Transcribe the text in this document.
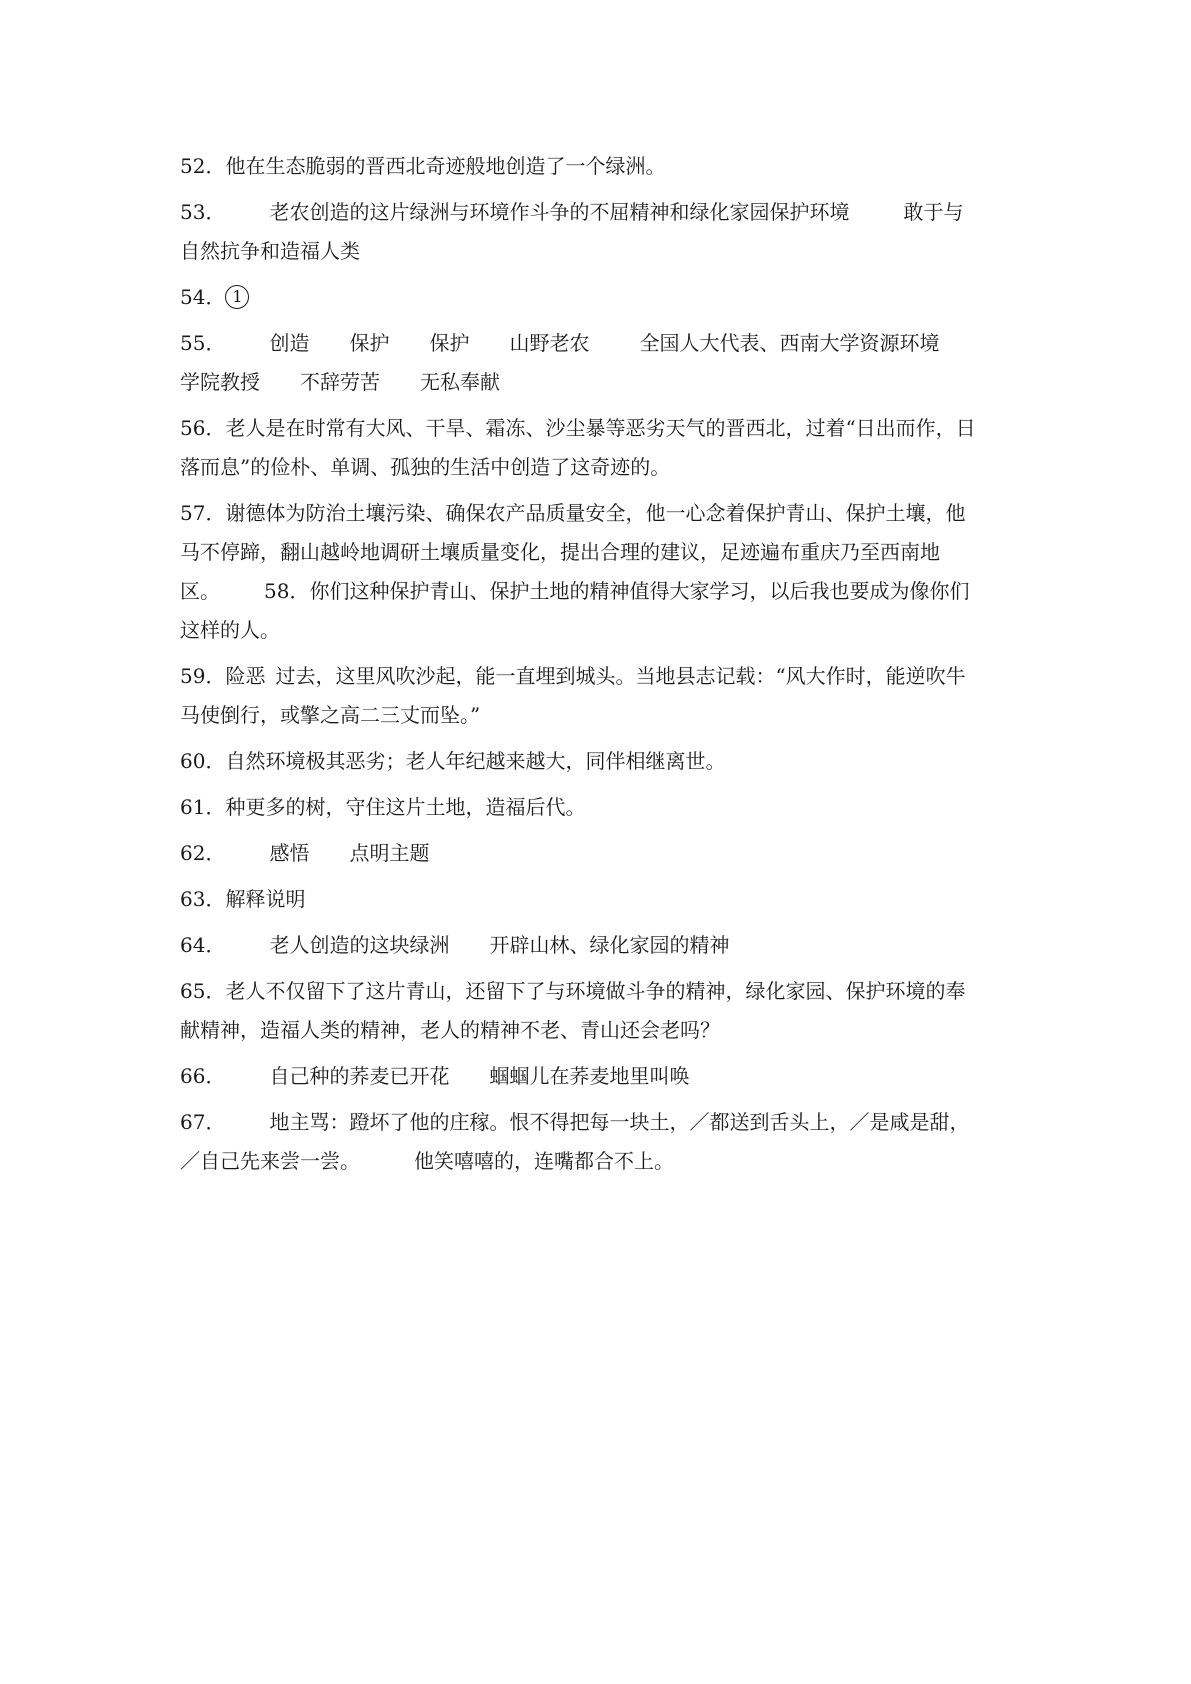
52．他在生态脆弱的晋西北奇迹般地创造了一个绿洲。
53． 老农创造的这片绿洲与环境作斗争的不屈精神和绿化家园保护环境	敢于与
自然抗争和造福人类
54． 1
55． 创造 保护 保护 山野老农	全国人大代表、西南大学资源环境
学院教授 不辞劳苦 无私奉献
56．老人是在时常有大风、干旱、霜冻、沙尘暴等恶劣天气的晋西北，过着“日出而作，日
落而息”的俭朴、单调、孤独的生活中创造了这奇迹的。
57．谢德体为防治土壤污染、确保农产品质量安全，他一心念着保护青山、保护土壤，他
马不停蹄，翻山越岭地调研土壤质量变化，提出合理的建议，足迹遍布重庆乃至西南地
区。 58．你们这种保护青山、保护土地的精神值得大家学习，以后我也要成为像你们
这样的人。
59．险恶 过去，这里风吹沙起，能一直埋到城头。当地县志记载：“风大作时，能逆吹牛
马使倒行，或擎之高二三丈而坠。”
60．自然环境极其恶劣；老人年纪越来越大，同伴相继离世。
61．种更多的树，守住这片土地，造福后代。
62． 感悟 点明主题
63．解释说明
64． 老人创造的这块绿洲 开辟山林、绿化家园的精神
65．老人不仅留下了这片青山，还留下了与环境做斗争的精神，绿化家园、保护环境的奉
献精神，造福人类的精神，老人的精神不老、青山还会老吗？
66． 自己种的荞麦已开花 蝈蝈儿在荞麦地里叫唤
67． 地主骂：蹬坏了他的庄稼。恨不得把每一块土，／都送到舌头上，／是咸是甜，
／自己先来尝一尝。	他笑嘻嘻的，连嘴都合不上。
